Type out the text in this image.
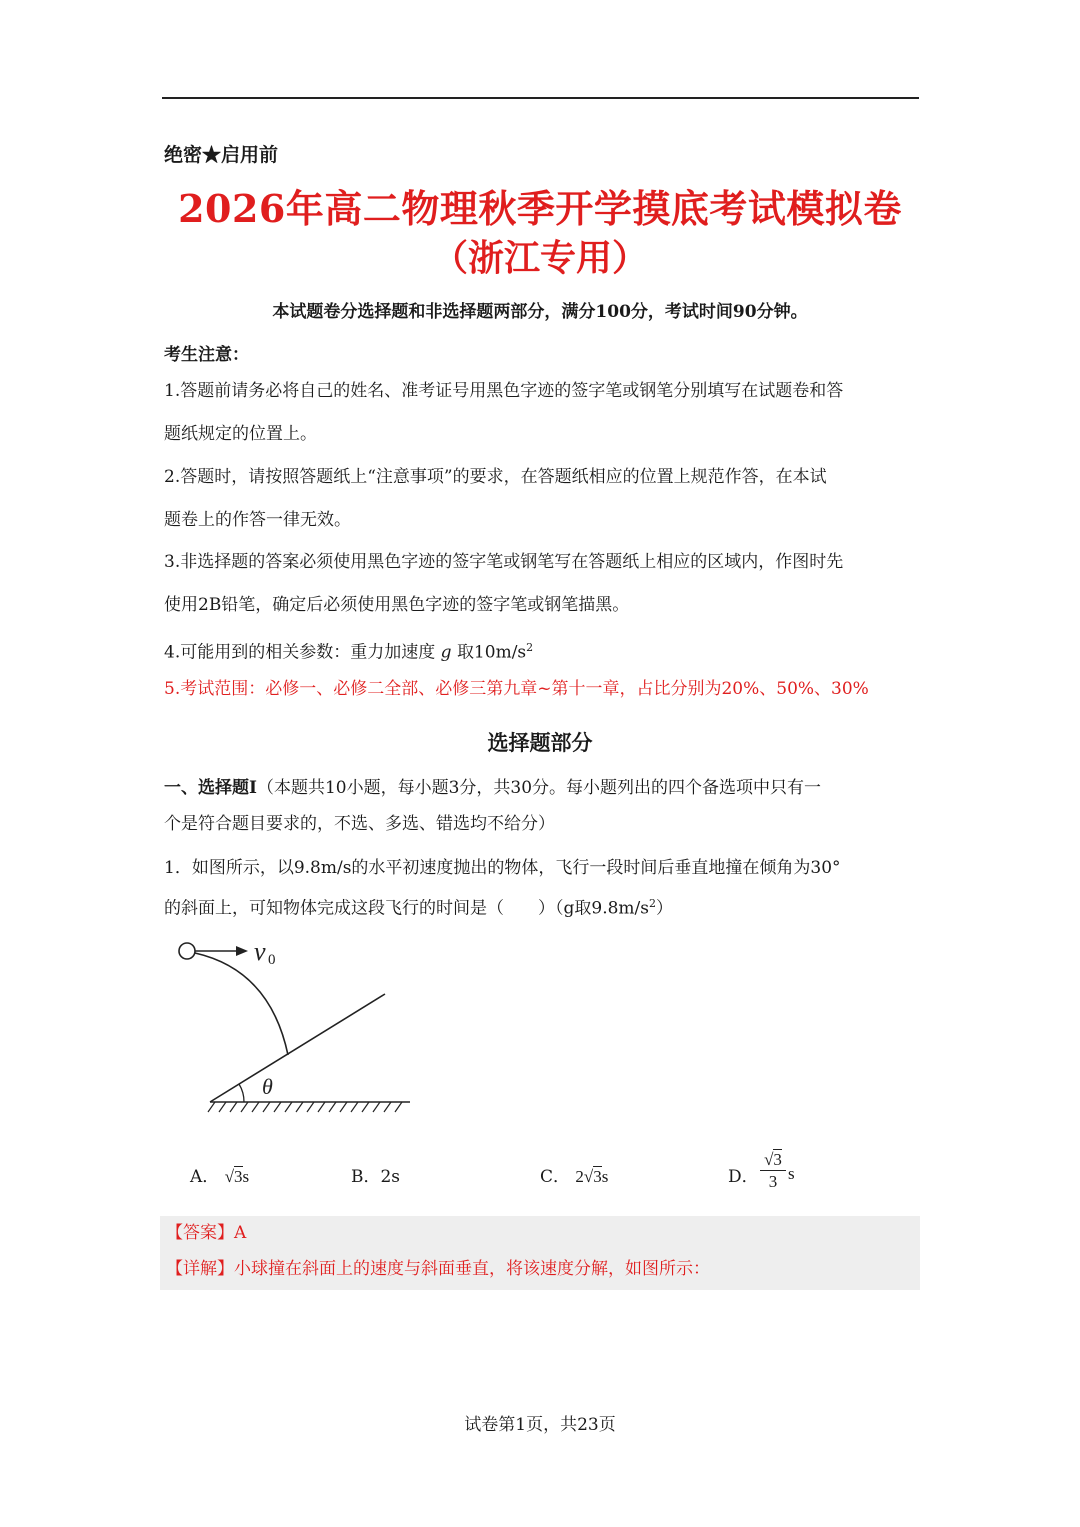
绝密★启用前
2026年高二物理秋季开学摸底考试模拟卷
（浙江专用）
本试题卷分选择题和非选择题两部分，满分100分，考试时间90分钟。
考生注意：
1.答题前请务必将自己的姓名、准考证号用黑色字迹的签字笔或钢笔分别填写在试题卷和答
题纸规定的位置上。
2.答题时，请按照答题纸上“注意事项”的要求，在答题纸相应的位置上规范作答，在本试
题卷上的作答一律无效。
3.非选择题的答案必须使用黑色字迹的签字笔或钢笔写在答题纸上相应的区域内，作图时先
使用2B铅笔，确定后必须使用黑色字迹的签字笔或钢笔描黑。
4.可能用到的相关参数：重力加速度 g 取$10m/s^2$
5.考试范围：必修一、必修二全部、必修三第九章~第十一章，占比分别为20%、50%、30%
选择题部分
一、选择题I（本题共10小题，每小题3分，共30分。每小题列出的四个备选项中只有一
个是符合题目要求的，不选、多选、错选均不给分）
1．如图所示，以9.8m/s的水平初速度抛出的物体，飞行一段时间后垂直地撞在倾角为30°
的斜面上，可知物体完成这段飞行的时间是（　　）（g取$9.8m/s^2$）
v 0
θ
A． √3s	B．2s	C． 2√3s	D．
√3
3 s
【答案】A
【详解】小球撞在斜面上的速度与斜面垂直，将该速度分解，如图所示：
试卷第1页，共23页
